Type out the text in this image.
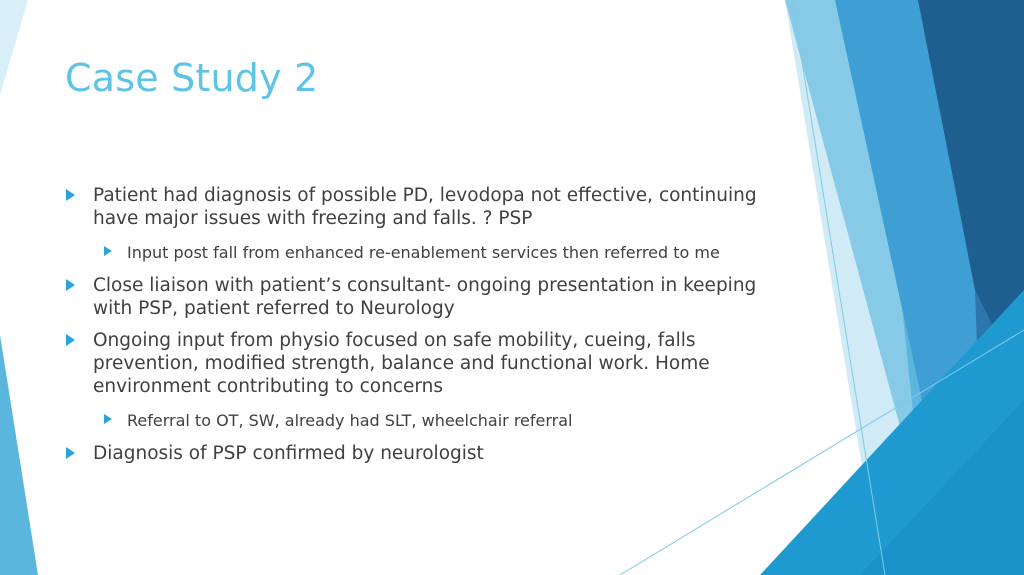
Case Study 2
Patient had diagnosis of possible PD, levodopa not effective, continuing have major issues with freezing and falls. ? PSP
Input post fall from enhanced re-enablement services then referred to me
Close liaison with patient’s consultant- ongoing presentation in keeping with PSP, patient referred to Neurology
Ongoing input from physio focused on safe mobility, cueing, falls prevention, modified strength, balance and functional work. Home environment contributing to concerns
Referral to OT, SW, already had SLT, wheelchair referral
Diagnosis of PSP confirmed by neurologist
